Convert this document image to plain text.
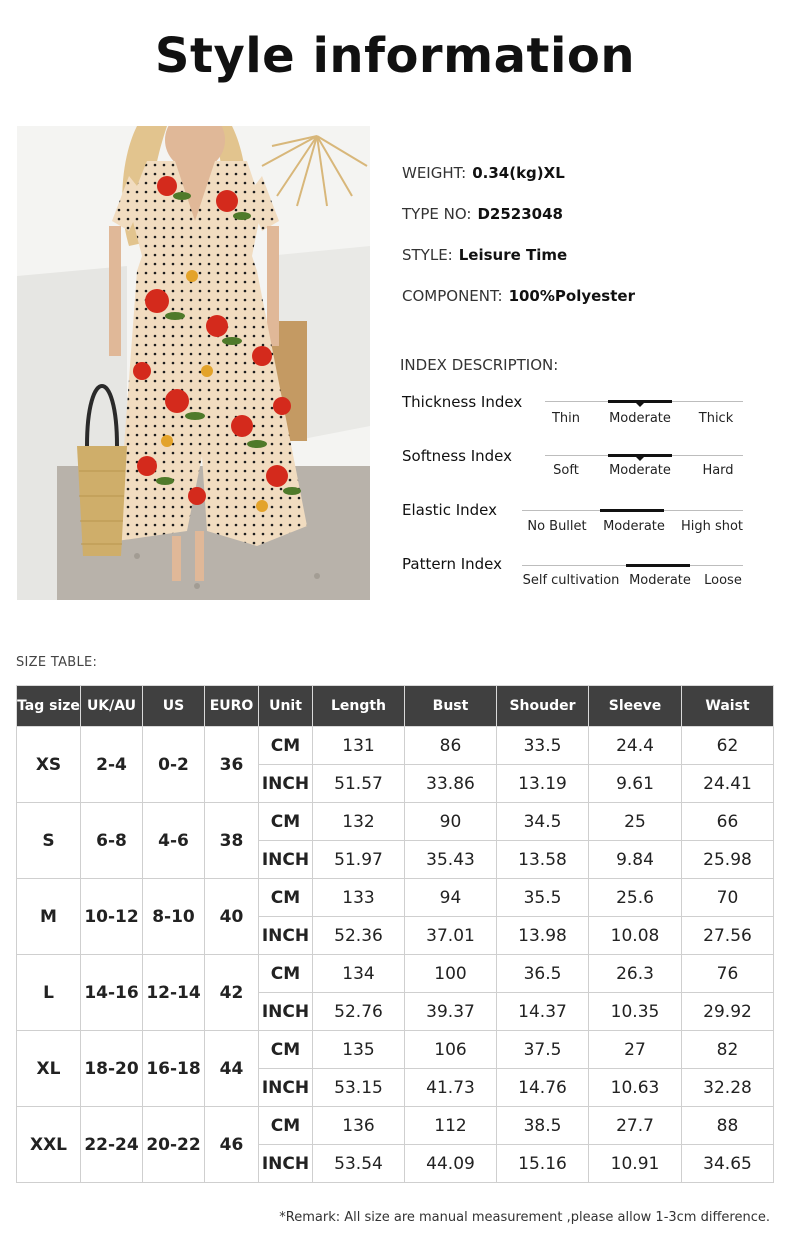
Style information
WEIGHT: 0.34(kg)XL
TYPE NO: D2523048
STYLE: Leisure Time
COMPONENT: 100%Polyester
INDEX DESCRIPTION:
Thickness Index
Thin	Moderate	Thick
Softness Index
Soft	Moderate	Hard
Elastic Index
No Bullet	Moderate	High shot
Pattern Index
Self cultivation Moderate	Loose
SIZE TABLE:
Tag size	UK/AU	US	EURO	Unit	Length	Bust	Shouder	Sleeve	Waist
XS	2-4	0-2	36	CM	131	86	33.5	24.4	62
				INCH	51.57	33.86	13.19	9.61	24.41
S	6-8	4-6	38	CM	132	90	34.5	25	66
				INCH	51.97	35.43	13.58	9.84	25.98
M	10-12	8-10	40	CM	133	94	35.5	25.6	70
				INCH	52.36	37.01	13.98	10.08	27.56
L	14-16	12-14	42	CM	134	100	36.5	26.3	76
				INCH	52.76	39.37	14.37	10.35	29.92
XL	18-20	16-18	44	CM	135	106	37.5	27	82
				INCH	53.15	41.73	14.76	10.63	32.28
XXL	22-24	20-22	46	CM	136	112	38.5	27.7	88
				INCH	53.54	44.09	15.16	10.91	34.65
*Remark: All size are manual measurement ,please allow 1-3cm difference.
